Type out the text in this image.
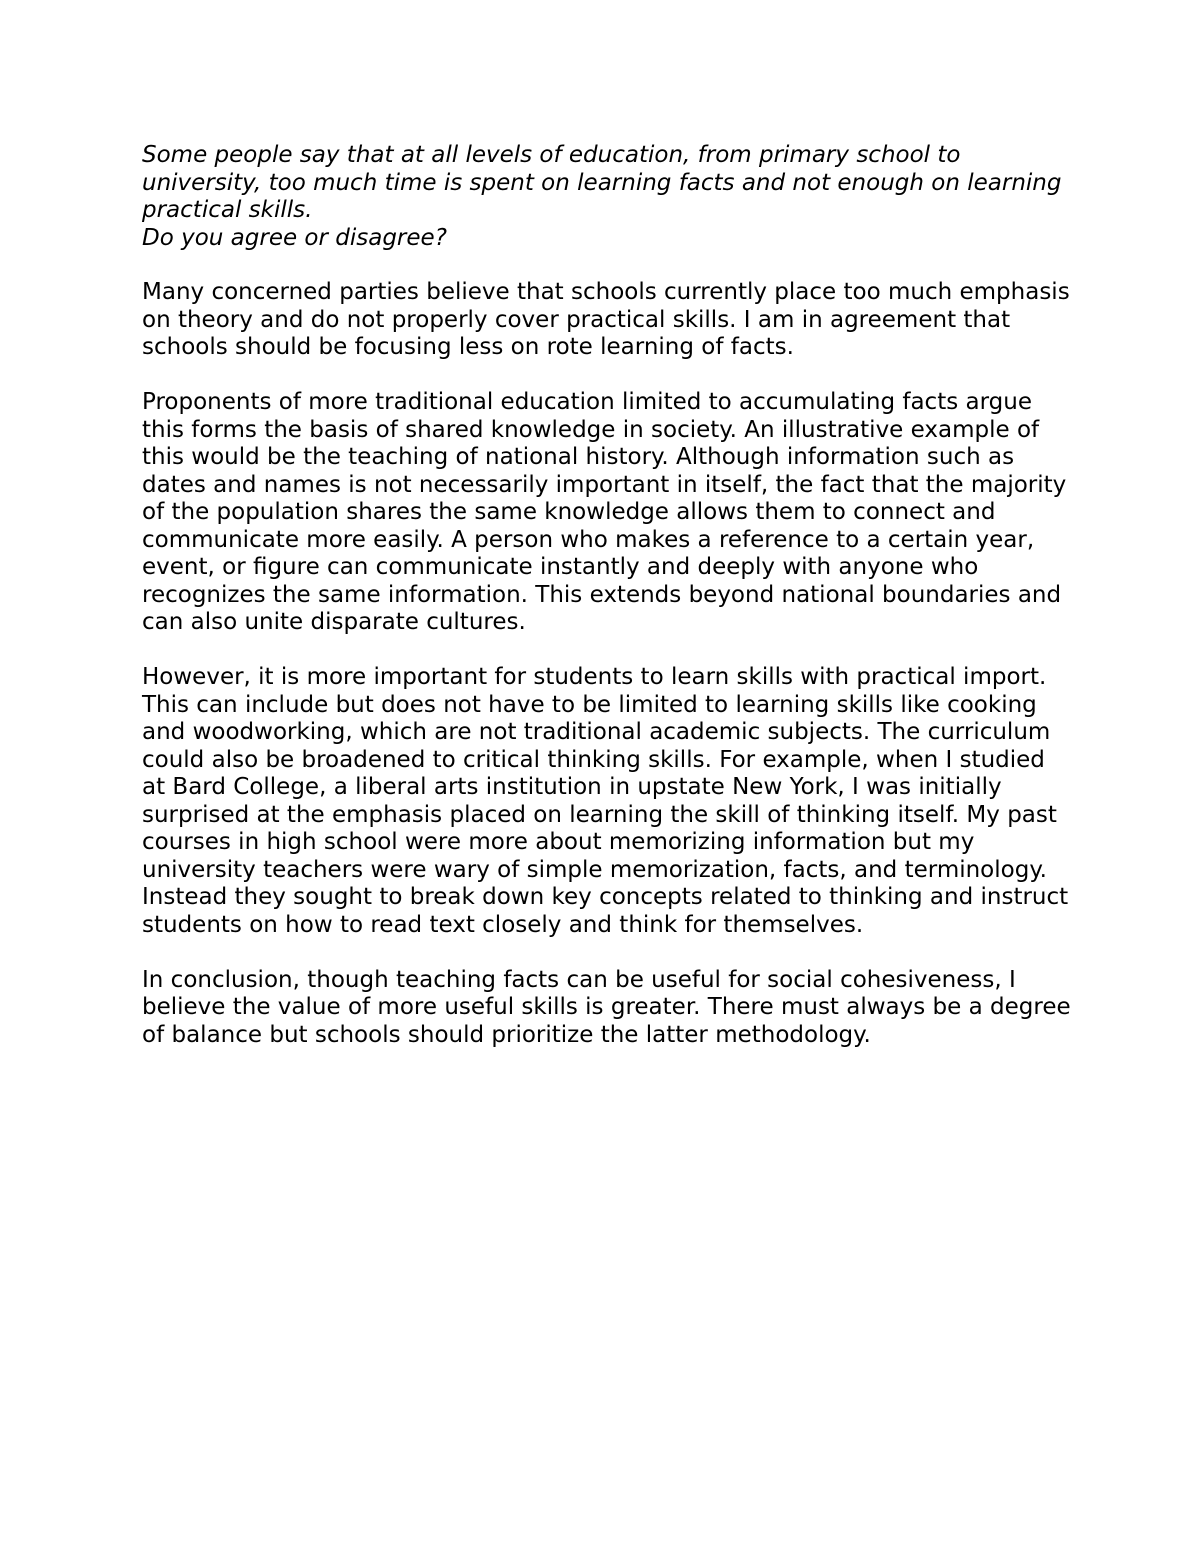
Some people say that at all levels of education, from primary school to university, too much time is spent on learning facts and not enough on learning practical skills.
Do you agree or disagree?

Many concerned parties believe that schools currently place too much emphasis on theory and do not properly cover practical skills. I am in agreement that schools should be focusing less on rote learning of facts.

Proponents of more traditional education limited to accumulating facts argue this forms the basis of shared knowledge in society. An illustrative example of this would be the teaching of national history. Although information such as dates and names is not necessarily important in itself, the fact that the majority of the population shares the same knowledge allows them to connect and communicate more easily. A person who makes a reference to a certain year, event, or figure can communicate instantly and deeply with anyone who recognizes the same information. This extends beyond national boundaries and can also unite disparate cultures.

However, it is more important for students to learn skills with practical import. This can include but does not have to be limited to learning skills like cooking and woodworking, which are not traditional academic subjects. The curriculum could also be broadened to critical thinking skills. For example, when I studied at Bard College, a liberal arts institution in upstate New York, I was initially surprised at the emphasis placed on learning the skill of thinking itself. My past courses in high school were more about memorizing information but my university teachers were wary of simple memorization, facts, and terminology. Instead they sought to break down key concepts related to thinking and instruct students on how to read text closely and think for themselves.

In conclusion, though teaching facts can be useful for social cohesiveness, I believe the value of more useful skills is greater. There must always be a degree of balance but schools should prioritize the latter methodology.
